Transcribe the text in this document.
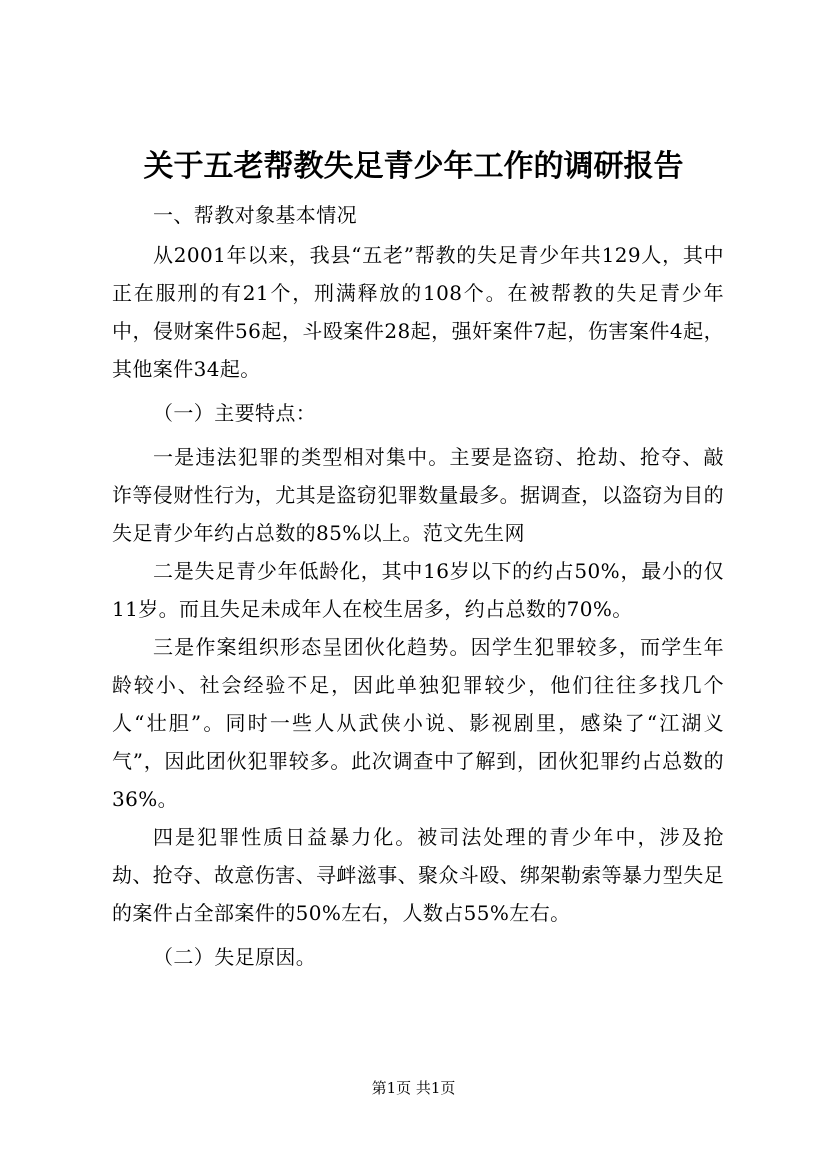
关于五老帮教失足青少年工作的调研报告

一、帮教对象基本情况

从2001年以来，我县“五老”帮教的失足青少年共129人，其中正在服刑的有21个，刑满释放的108个。在被帮教的失足青少年中，侵财案件56起，斗殴案件28起，强奸案件7起，伤害案件4起，其他案件34起。

（一）主要特点：

一是违法犯罪的类型相对集中。主要是盗窃、抢劫、抢夺、敲诈等侵财性行为，尤其是盗窃犯罪数量最多。据调查，以盗窃为目的失足青少年约占总数的85%以上。范文先生网

二是失足青少年低龄化，其中16岁以下的约占50%，最小的仅11岁。而且失足未成年人在校生居多，约占总数的70%。

三是作案组织形态呈团伙化趋势。因学生犯罪较多，而学生年龄较小、社会经验不足，因此单独犯罪较少，他们往往多找几个人“壮胆”。同时一些人从武侠小说、影视剧里，感染了“江湖义气”，因此团伙犯罪较多。此次调查中了解到，团伙犯罪约占总数的36%。

四是犯罪性质日益暴力化。被司法处理的青少年中，涉及抢劫、抢夺、故意伤害、寻衅滋事、聚众斗殴、绑架勒索等暴力型失足的案件占全部案件的50%左右，人数占55%左右。

（二）失足原因。

第1页 共1页
